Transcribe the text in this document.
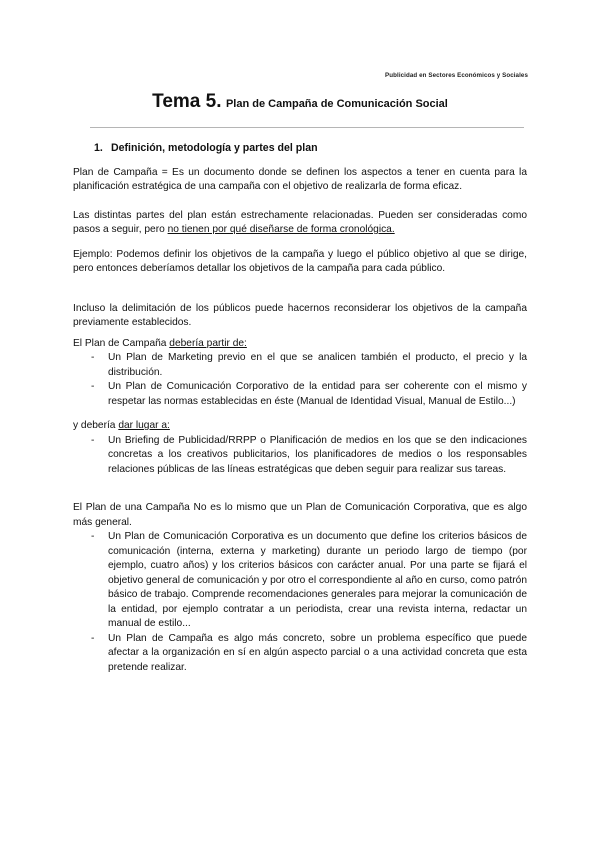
Publicidad en Sectores Económicos y Sociales
Tema 5. Plan de Campaña de Comunicación Social
1. Definición, metodología y partes del plan

Plan de Campaña = Es un documento donde se definen los aspectos a tener en cuenta para la planificación estratégica de una campaña con el objetivo de realizarla de forma eficaz.

Las distintas partes del plan están estrechamente relacionadas. Pueden ser consideradas como pasos a seguir, pero no tienen por qué diseñarse de forma cronológica.

Ejemplo: Podemos definir los objetivos de la campaña y luego el público objetivo al que se dirige, pero entonces deberíamos detallar los objetivos de la campaña para cada público.

Incluso la delimitación de los públicos puede hacernos reconsiderar los objetivos de la campaña previamente establecidos.

El Plan de Campaña debería partir de:

- Un Plan de Marketing previo en el que se analicen también el producto, el precio y la distribución.
- Un Plan de Comunicación Corporativo de la entidad para ser coherente con el mismo y respetar las normas establecidas en éste (Manual de Identidad Visual, Manual de Estilo...)

y debería dar lugar a:

- Un Briefing de Publicidad/RRPP o Planificación de medios en los que se den indicaciones concretas a los creativos publicitarios, los planificadores de medios o los responsables relaciones públicas de las líneas estratégicas que deben seguir para realizar sus tareas.

El Plan de una Campaña No es lo mismo que un Plan de Comunicación Corporativa, que es algo más general.

- Un Plan de Comunicación Corporativa es un documento que define los criterios básicos de comunicación (interna, externa y marketing) durante un periodo largo de tiempo (por ejemplo, cuatro años) y los criterios básicos con carácter anual. Por una parte se fijará el objetivo general de comunicación y por otro el correspondiente al año en curso, como patrón básico de trabajo. Comprende recomendaciones generales para mejorar la comunicación de la entidad, por ejemplo contratar a un periodista, crear una revista interna, redactar un manual de estilo...
- Un Plan de Campaña es algo más concreto, sobre un problema específico que puede afectar a la organización en sí en algún aspecto parcial o a una actividad concreta que esta pretende realizar.
